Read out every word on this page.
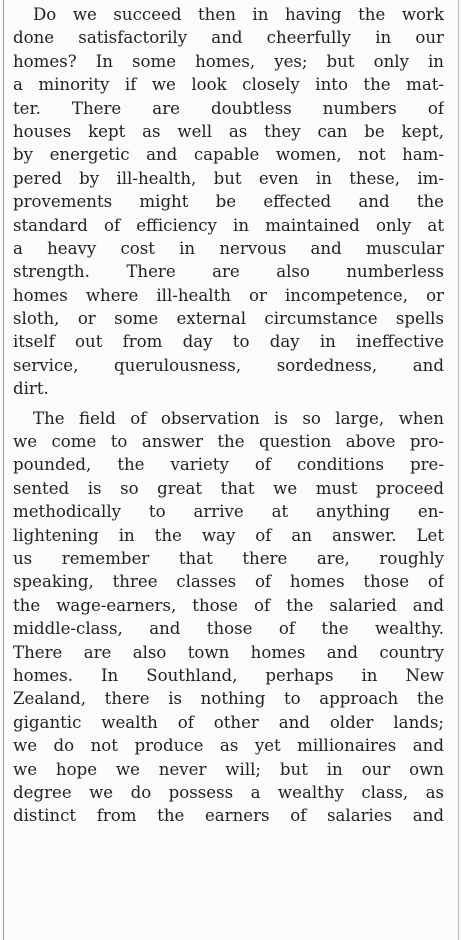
Do we succeed then in having the work
done satisfactorily and cheerfully in our
homes? In some homes, yes; but only in
a minority if we look closely into the mat-
ter. There are doubtless numbers of
houses kept as well as they can be kept,
by energetic and capable women, not ham-
pered by ill-health, but even in these, im-
provements might be effected and the
standard of efficiency in maintained only at
a heavy cost in nervous and muscular
strength. There are also numberless
homes where ill-health or incompetence, or
sloth, or some external circumstance spells
itself out from day to day in ineffective
service, querulousness, sordedness, and
dirt.
The field of observation is so large, when
we come to answer the question above pro-
pounded, the variety of conditions pre-
sented is so great that we must proceed
methodically to arrive at anything en-
lightening in the way of an answer. Let
us remember that there are, roughly
speaking, three classes of homes those of
the wage-earners, those of the salaried and
middle-class, and those of the wealthy.
There are also town homes and country
homes. In Southland, perhaps in New
Zealand, there is nothing to approach the
gigantic wealth of other and older lands;
we do not produce as yet millionaires and
we hope we never will; but in our own
degree we do possess a wealthy class, as
distinct from the earners of salaries and
